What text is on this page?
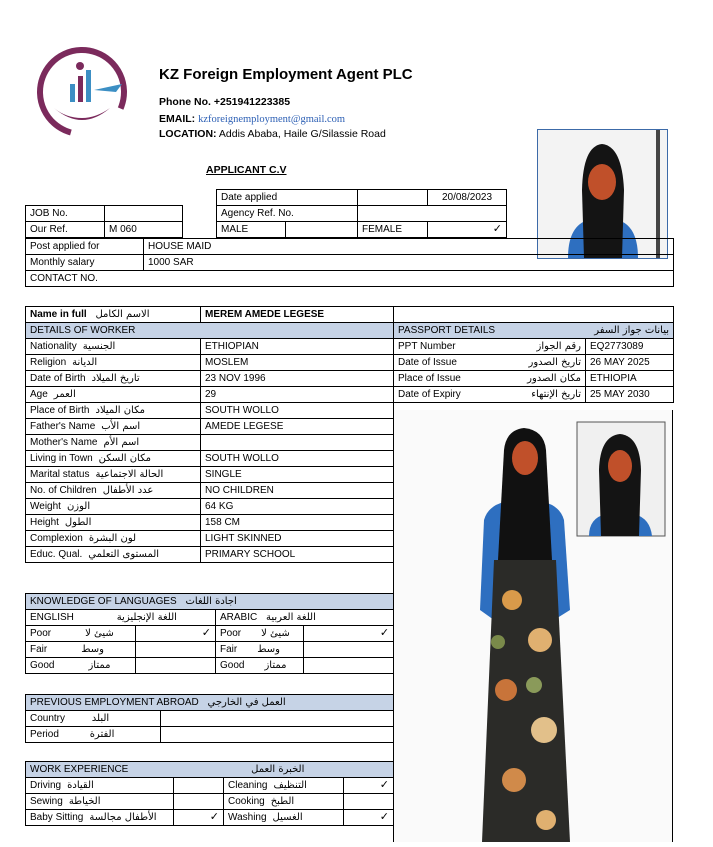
KZ Foreign Employment Agent PLC
Phone No. +251941223385
EMAIL: kzforeignemployment@gmail.com
LOCATION: Addis Ababa, Haile G/Silassie Road
APPLICANT C.V
Date applied		20/08/2023
JOB No.			Agency Ref. No.			
Our Ref.	M 060		MALE		FEMALE	✓
Post applied for	HOUSE MAID
Monthly salary	1000 SAR
CONTACT NO.	
Name in full الاسم الكامل	MEREM AMEDE LEGESE
DETAILS OF WORKER	
Nationality الجنسية	ETHIOPIAN
Religion الديانة	MOSLEM
Date of Birth تاريخ الميلاد	23 NOV 1996
Age العمر	29
Place of Birth مكان الميلاد	SOUTH WOLLO
Father's Name اسم الأب	AMEDE LEGESE
Mother's Name اسم الأم	
Living in Town مكان السكن	SOUTH WOLLO
Marital status الحالة الاجتماعية	SINGLE
No. of Children عدد الأطفال	NO CHILDREN
Weight الوزن	64 KG
Height الطول	158 CM
Complexion لون البشرة	LIGHT SKINNED
Educ. Qual. المستوى التعلمي	PRIMARY SCHOOL

PASSPORT DETAILS بيانات جواز السفر	

PPT Number رقم الجواز	EQ2773089
Date of Issue تاريخ الصدور	26 MAY 2025
Place of Issue مكان الصدور	ETHIOPIA
Date of Expiry تاريخ الإنتهاء	25 MAY 2030
KNOWLEDGE OF LANGUAGES اجادة اللغات			
ENGLISH اللغة الإنجليزية		ARABIC اللغة العربية	
Poor شيئ لا	✓	Poor شيئ لا	✓
Fair وسط		Fair وسط	
Good ممتاز		Good ممتاز	
PREVIOUS EMPLOYMENT ABROAD العمل في الخارجي	
Country البلد	
Period الفترة	
WORK EXPERIENCE الخبرة العمل			
Driving القيادة		Cleaning التنظيف	✓
Sewing الخياطة		Cooking الطبخ	
Baby Sitting الأطفال مجالسة	✓	Washing الغسيل	✓
